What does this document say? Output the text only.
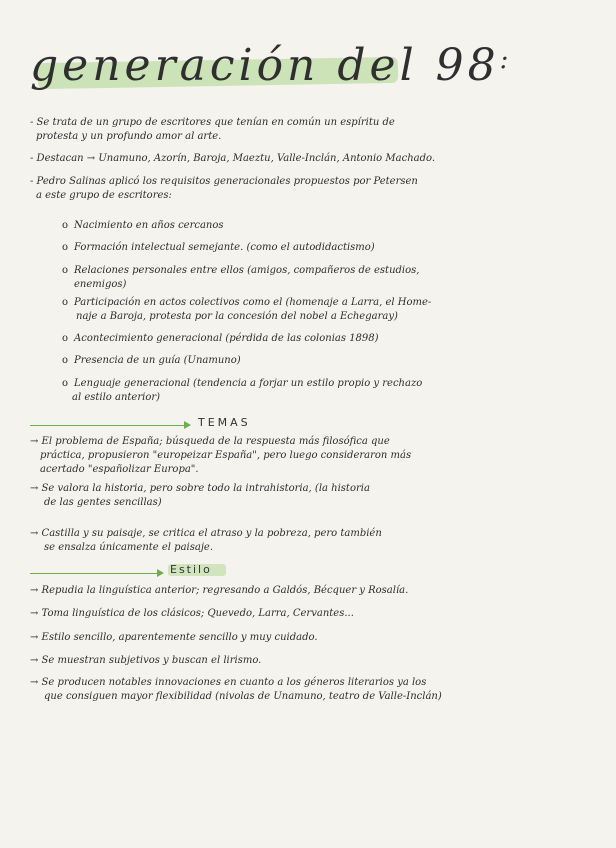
generación del 98:
- Se trata de un grupo de escritores que tenían en común un espíritu de
protesta y un profundo amor al arte.
- Destacan → Unamuno, Azorín, Baroja, Maeztu, Valle-Inclán, Antonio Machado.
- Pedro Salinas aplicó los requisitos generacionales propuestos por Petersen
a este grupo de escritores:
o Nacimiento en años cercanos
o Formación intelectual semejante. (como el autodidactismo)
o Relaciones personales entre ellos (amigos, compañeros de estudios,
enemigos)
o Participación en actos colectivos como el (homenaje a Larra, el Home-
naje a Baroja, protesta por la concesión del nobel a Echegaray)
o Acontecimiento generacional (pérdida de las colonias 1898)
o Presencia de un guía (Unamuno)
o Lenguaje generacional (tendencia a forjar un estilo propio y rechazo
al estilo anterior)
TEMAS
→ El problema de España; búsqueda de la respuesta más filosófica que
práctica, propusieron "europeizar España", pero luego consideraron más
acertado "españolizar Europa".
→ Se valora la historia, pero sobre todo la intrahistoria, (la historia
de las gentes sencillas)
→ Castilla y su paisaje, se critica el atraso y la pobreza, pero también
se ensalza únicamente el paisaje.
Estilo
→ Repudia la linguística anterior; regresando a Galdós, Bécquer y Rosalía.
→ Toma linguística de los clásicos; Quevedo, Larra, Cervantes...
→ Estilo sencillo, aparentemente sencillo y muy cuidado.
→ Se muestran subjetivos y buscan el lirismo.
→ Se producen notables innovaciones en cuanto a los géneros literarios ya los
que consiguen mayor flexibilidad (nivolas de Unamuno, teatro de Valle-Inclán)
